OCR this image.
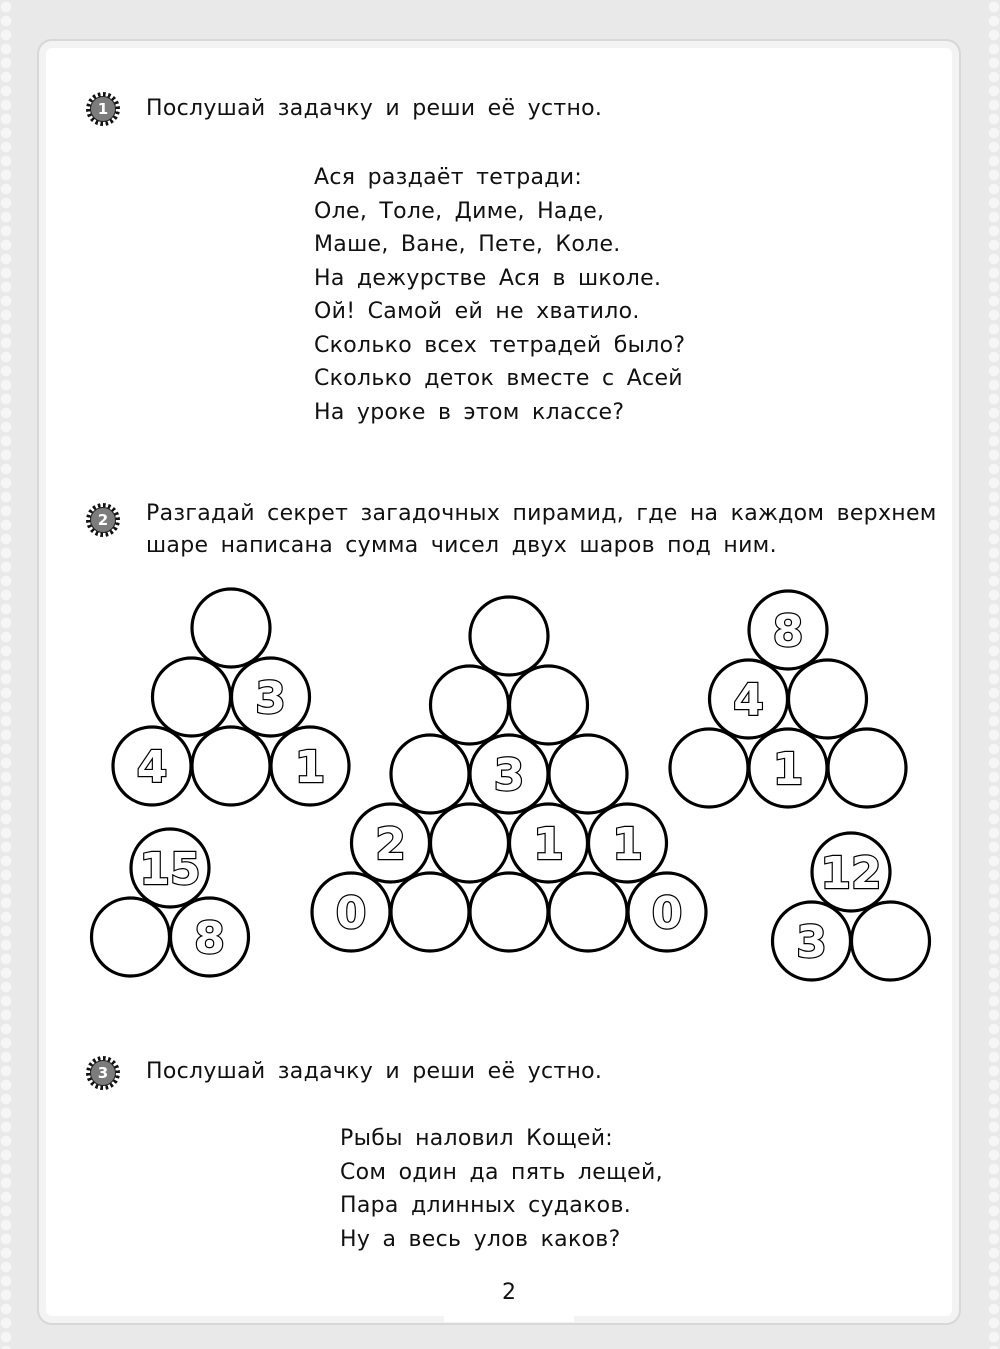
1	Послушай задачку и реши её устно.
Ася раздаёт тетради:
Оле, Толе, Диме, Наде,
Маше, Ване, Пете, Коле.
На дежурстве Ася в школе.
Ой! Самой ей не хватило.
Сколько всех тетрадей было?
Сколько деток вместе с Асей
На уроке в этом классе?
2	Разгадай секрет загадочных пирамид, где на каждом верхнем
шаре написана сумма чисел двух шаров под ним.
4	1
3
0	0
2	1 1
3	1
4
8
8
15
3
12
3	Послушай задачку и реши её устно.
Рыбы наловил Кощей:
Сом один да пять лещей,
Пара длинных судаков.
Ну а весь улов каков?
2
